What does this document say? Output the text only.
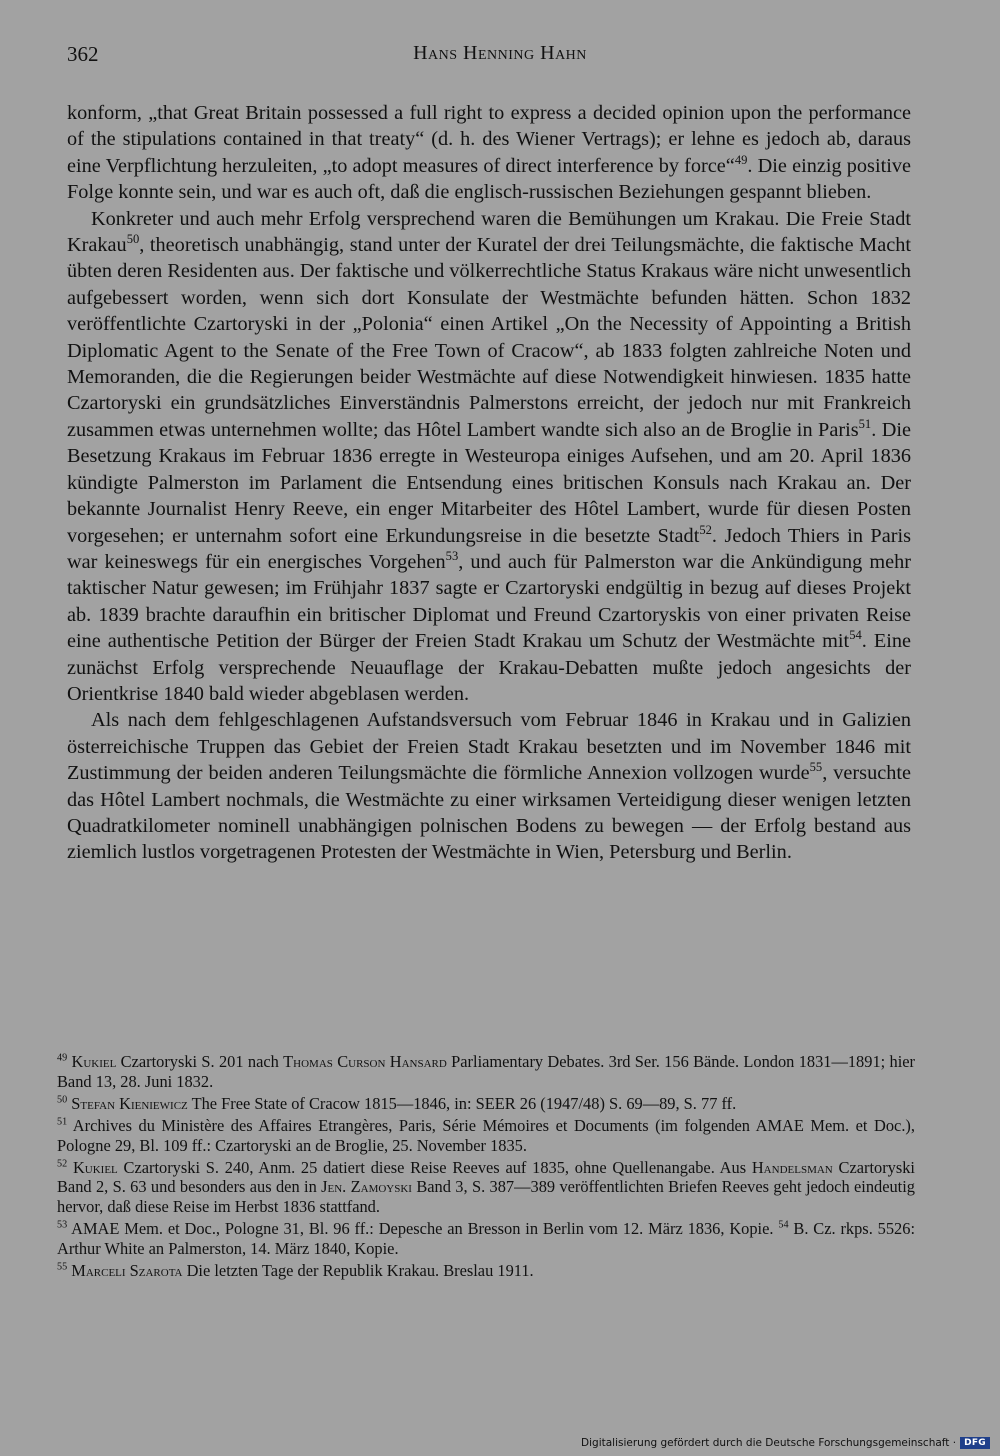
362	Hans Henning Hahn

konform, „that Great Britain possessed a full right to express a decided opinion upon the performance of the stipulations contained in that treaty“ (d. h. des Wiener Vertrags); er lehne es jedoch ab, daraus eine Verpflichtung herzuleiten, „to adopt measures of direct interference by force“$^{49}$. Die einzig positive Folge konnte sein, und war es auch oft, daß die englisch-russischen Beziehungen gespannt blieben.

Konkreter und auch mehr Erfolg versprechend waren die Bemühungen um Krakau. Die Freie Stadt Krakau$^{50}$, theoretisch unabhängig, stand unter der Kuratel der drei Teilungsmächte, die faktische Macht übten deren Residenten aus. Der faktische und völkerrechtliche Status Krakaus wäre nicht unwesentlich aufgebessert worden, wenn sich dort Konsulate der Westmächte befunden hätten. Schon 1832 veröffentlichte Czartoryski in der „Polonia“ einen Artikel „On the Necessity of Appointing a British Diplomatic Agent to the Senate of the Free Town of Cracow“, ab 1833 folgten zahlreiche Noten und Memoranden, die die Regierungen beider Westmächte auf diese Notwendigkeit hinwiesen. 1835 hatte Czartoryski ein grundsätzliches Einverständnis Palmerstons erreicht, der jedoch nur mit Frankreich zusammen etwas unternehmen wollte; das Hôtel Lambert wandte sich also an de Broglie in Paris$^{51}$. Die Besetzung Krakaus im Februar 1836 erregte in Westeuropa einiges Aufsehen, und am 20. April 1836 kündigte Palmerston im Parlament die Entsendung eines britischen Konsuls nach Krakau an. Der bekannte Journalist Henry Reeve, ein enger Mitarbeiter des Hôtel Lambert, wurde für diesen Posten vorgesehen; er unternahm sofort eine Erkundungsreise in die besetzte Stadt$^{52}$. Jedoch Thiers in Paris war keineswegs für ein energisches Vorgehen$^{53}$, und auch für Palmerston war die Ankündigung mehr taktischer Natur gewesen; im Frühjahr 1837 sagte er Czartoryski endgültig in bezug auf dieses Projekt ab. 1839 brachte daraufhin ein britischer Diplomat und Freund Czartoryskis von einer privaten Reise eine authentische Petition der Bürger der Freien Stadt Krakau um Schutz der Westmächte mit$^{54}$. Eine zunächst Erfolg versprechende Neuauflage der Krakau-Debatten mußte jedoch angesichts der Orientkrise 1840 bald wieder abgeblasen werden.

Als nach dem fehlgeschlagenen Aufstandsversuch vom Februar 1846 in Krakau und in Galizien österreichische Truppen das Gebiet der Freien Stadt Krakau besetzten und im November 1846 mit Zustimmung der beiden anderen Teilungsmächte die förmliche Annexion vollzogen wurde$^{55}$, versuchte das Hôtel Lambert nochmals, die Westmächte zu einer wirksamen Verteidigung dieser wenigen letzten Quadratkilometer nominell unabhängigen polnischen Bodens zu bewegen — der Erfolg bestand aus ziemlich lustlos vorgetragenen Protesten der Westmächte in Wien, Petersburg und Berlin.

$^{49}$ Kukiel Czartoryski S. 201 nach Thomas Curson Hansard Parliamentary Debates. 3rd Ser. 156 Bände. London 1831—1891; hier Band 13, 28. Juni 1832.
$^{50}$ Stefan Kieniewicz The Free State of Cracow 1815—1846, in: SEER 26 (1947/48) S. 69—89, S. 77 ff.
$^{51}$ Archives du Ministère des Affaires Etrangères, Paris, Série Mémoires et Documents (im folgenden AMAE Mem. et Doc.), Pologne 29, Bl. 109 ff.: Czartoryski an de Broglie, 25. November 1835.
$^{52}$ Kukiel Czartoryski S. 240, Anm. 25 datiert diese Reise Reeves auf 1835, ohne Quellenangabe. Aus Handelsman Czartoryski Band 2, S. 63 und besonders aus den in Jen. Zamoyski Band 3, S. 387—389 veröffentlichten Briefen Reeves geht jedoch eindeutig hervor, daß diese Reise im Herbst 1836 stattfand.
$^{53}$ AMAE Mem. et Doc., Pologne 31, Bl. 96 ff.: Depesche an Bresson in Berlin vom 12. März 1836, Kopie. $^{54}$ B. Cz. rkps. 5526: Arthur White an Palmerston, 14. März 1840, Kopie.
$^{55}$ Marceli Szarota Die letzten Tage der Republik Krakau. Breslau 1911.
Digitalisierung gefördert durch die Deutsche Forschungsgemeinschaft · DFG
